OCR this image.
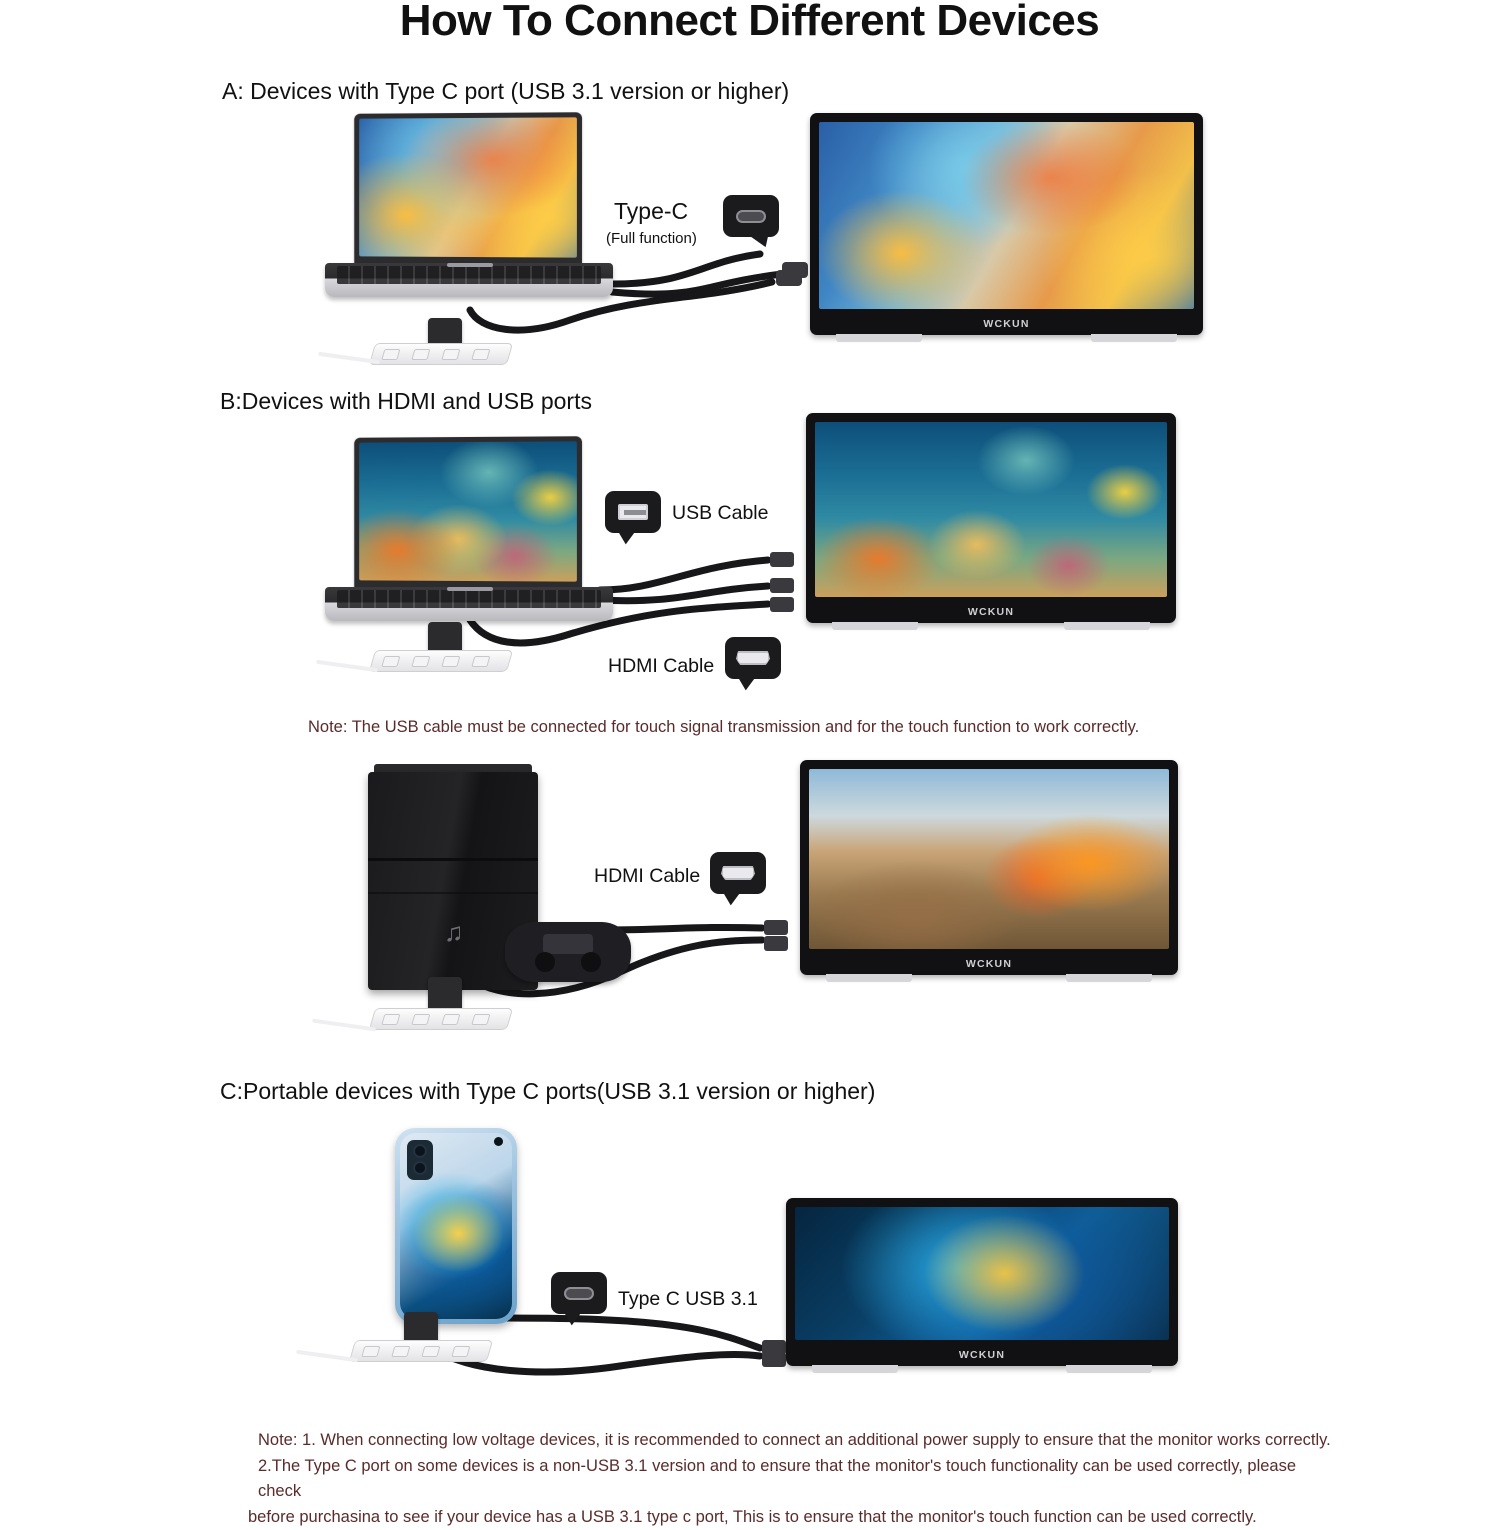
How To Connect Different Devices
A: Devices with Type C port (USB 3.1 version or higher)
Type-C
(Full function)
WCKUN
B:Devices with HDMI and USB ports
USB Cable
HDMI Cable
WCKUN
Note: The USB cable must be connected for touch signal transmission and for the touch function to work correctly.
♫
HDMI Cable
WCKUN
C:Portable devices with Type C ports(USB 3.1 version or higher)
Type C USB 3.1
WCKUN
Note: 1. When connecting low voltage devices, it is recommended to connect an additional power supply to ensure that the monitor works correctly.
2.The Type C port on some devices is a non-USB 3.1 version and to ensure that the monitor's touch functionality can be used correctly, please check
before purchasina to see if your device has a USB 3.1 type c port, This is to ensure that the monitor's touch function can be used correctly.
